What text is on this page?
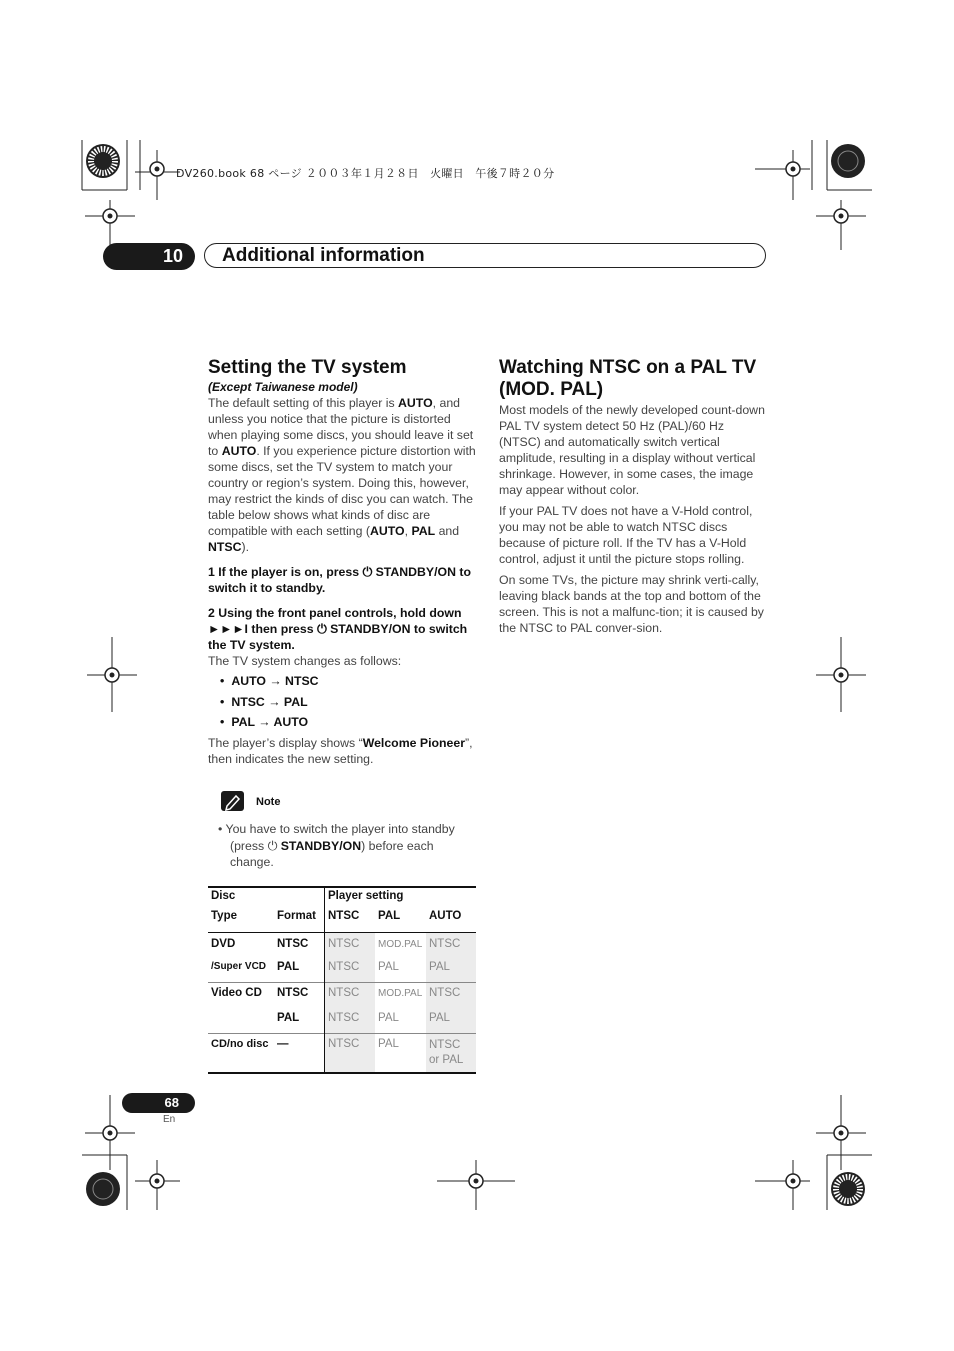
DV260.book 68 ページ ２００３年１月２８日　火曜日　午後７時２０分
10	Additional information
Setting the TV system
(Except Taiwanese model)

The default setting of this player is AUTO, and unless you notice that the picture is distorted when playing some discs, you should leave it set to AUTO. If you experience picture distortion with some discs, set the TV system to match your country or region’s system. Doing this, however, may restrict the kinds of disc you can watch. The table below shows what kinds of disc are compatible with each setting (AUTO, PAL and NTSC).

1 If the player is on, press ⏻ STANDBY/ON to switch it to standby.

2 Using the front panel controls, hold down ►►►I then press ⏻ STANDBY/ON to switch the TV system.

The TV system changes as follows:

• AUTO → NTSC
• NTSC → PAL
• PAL → AUTO

The player’s display shows “Welcome Pioneer”, then indicates the new setting.

Note
• You have to switch the player into standby (press ⏻ STANDBY/ON) before each change.
Disc		Player setting		
Type	Format	NTSC	PAL	AUTO
DVD	NTSC	NTSC	MOD.PAL	NTSC
/Super VCD	PAL	NTSC	PAL	PAL
Video CD	NTSC	NTSC	MOD.PAL	NTSC
	PAL	NTSC	PAL	PAL
CD/no disc	—	NTSC	PAL	NTSC or PAL
Watching NTSC on a PAL TV (MOD. PAL)

Most models of the newly developed count-down PAL TV system detect 50 Hz (PAL)/60 Hz (NTSC) and automatically switch vertical amplitude, resulting in a display without vertical shrinkage. However, in some cases, the image may appear without color.

If your PAL TV does not have a V-Hold control, you may not be able to watch NTSC discs because of picture roll. If the TV has a V-Hold control, adjust it until the picture stops rolling.

On some TVs, the picture may shrink verti-cally, leaving black bands at the top and bottom of the screen. This is not a malfunc-tion; it is caused by the NTSC to PAL conver-sion.

68
En
